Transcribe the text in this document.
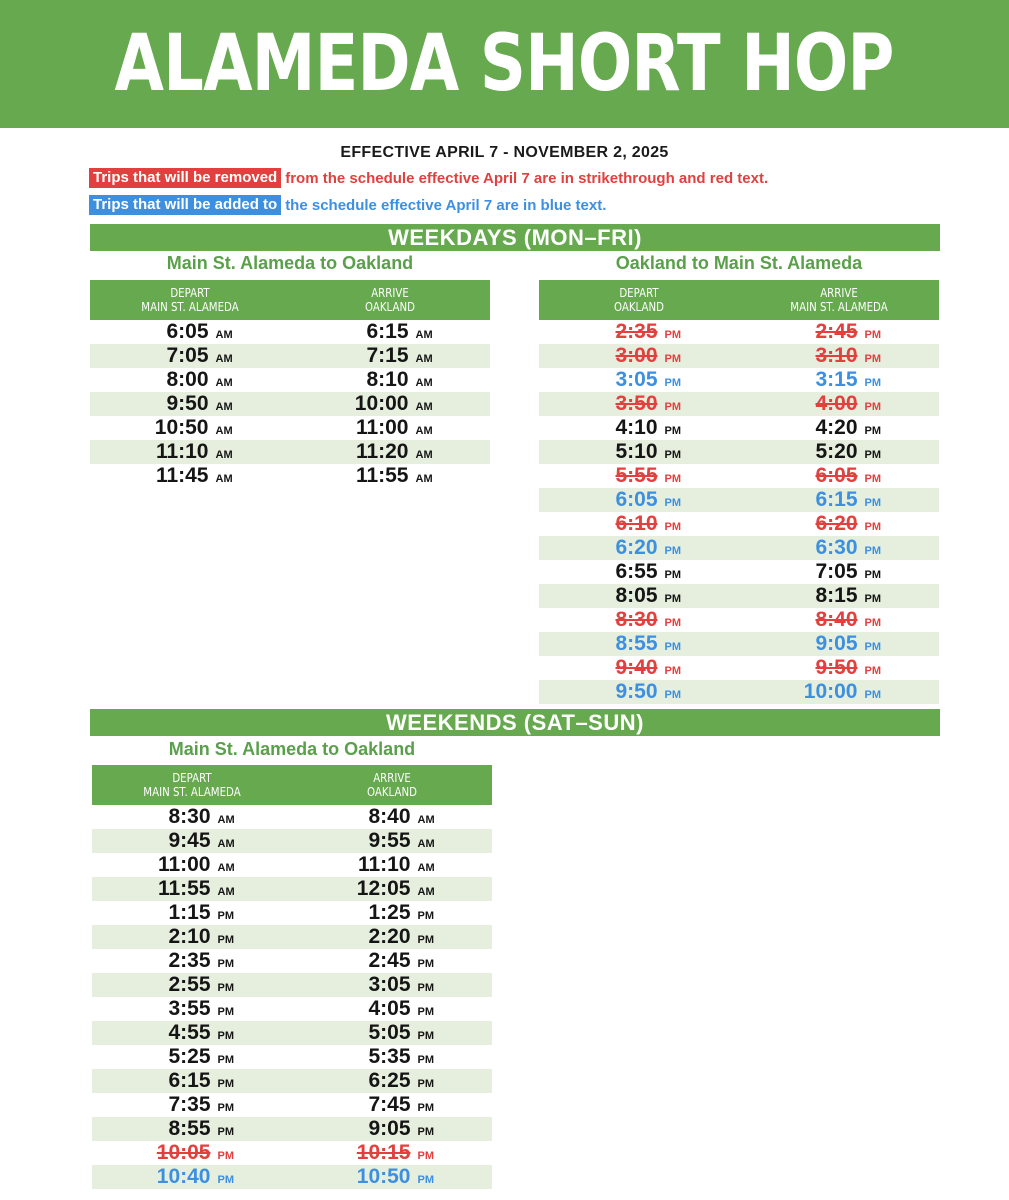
ALAMEDA SHORT HOP
EFFECTIVE APRIL 7 - NOVEMBER 2, 2025
Trips that will be removed from the schedule effective April 7 are in strikethrough and red text.
Trips that will be added to the schedule effective April 7 are in blue text.
WEEKDAYS (MON–FRI)
Main St. Alameda to Oakland	Oakland to Main St. Alameda
DEPART
MAIN ST. ALAMEDA
ARRIVE
OAKLAND
6:05 AM	6:15 AM
7:05 AM	7:15 AM
8:00 AM	8:10 AM
9:50 AM	10:00 AM
10:50 AM	11:00 AM
11:10 AM	11:20 AM
11:45 AM	11:55 AM
DEPART
OAKLAND
ARRIVE
MAIN ST. ALAMEDA
2:35 PM	2:45 PM
3:00 PM	3:10 PM
3:05 PM	3:15 PM
3:50 PM	4:00 PM
4:10 PM	4:20 PM
5:10 PM	5:20 PM
5:55 PM	6:05 PM
6:05 PM	6:15 PM
6:10 PM	6:20 PM
6:20 PM	6:30 PM
6:55 PM	7:05 PM
8:05 PM	8:15 PM
8:30 PM	8:40 PM
8:55 PM	9:05 PM
9:40 PM	9:50 PM
9:50 PM	10:00 PM
WEEKENDS (SAT–SUN)
Main St. Alameda to Oakland
DEPART
MAIN ST. ALAMEDA
ARRIVE
OAKLAND
8:30 AM	8:40 AM
9:45 AM	9:55 AM
11:00 AM	11:10 AM
11:55 AM	12:05 AM
1:15 PM	1:25 PM
2:10 PM	2:20 PM
2:35 PM	2:45 PM
2:55 PM	3:05 PM
3:55 PM	4:05 PM
4:55 PM	5:05 PM
5:25 PM	5:35 PM
6:15 PM	6:25 PM
7:35 PM	7:45 PM
8:55 PM	9:05 PM
10:05 PM	10:15 PM
10:40 PM	10:50 PM
